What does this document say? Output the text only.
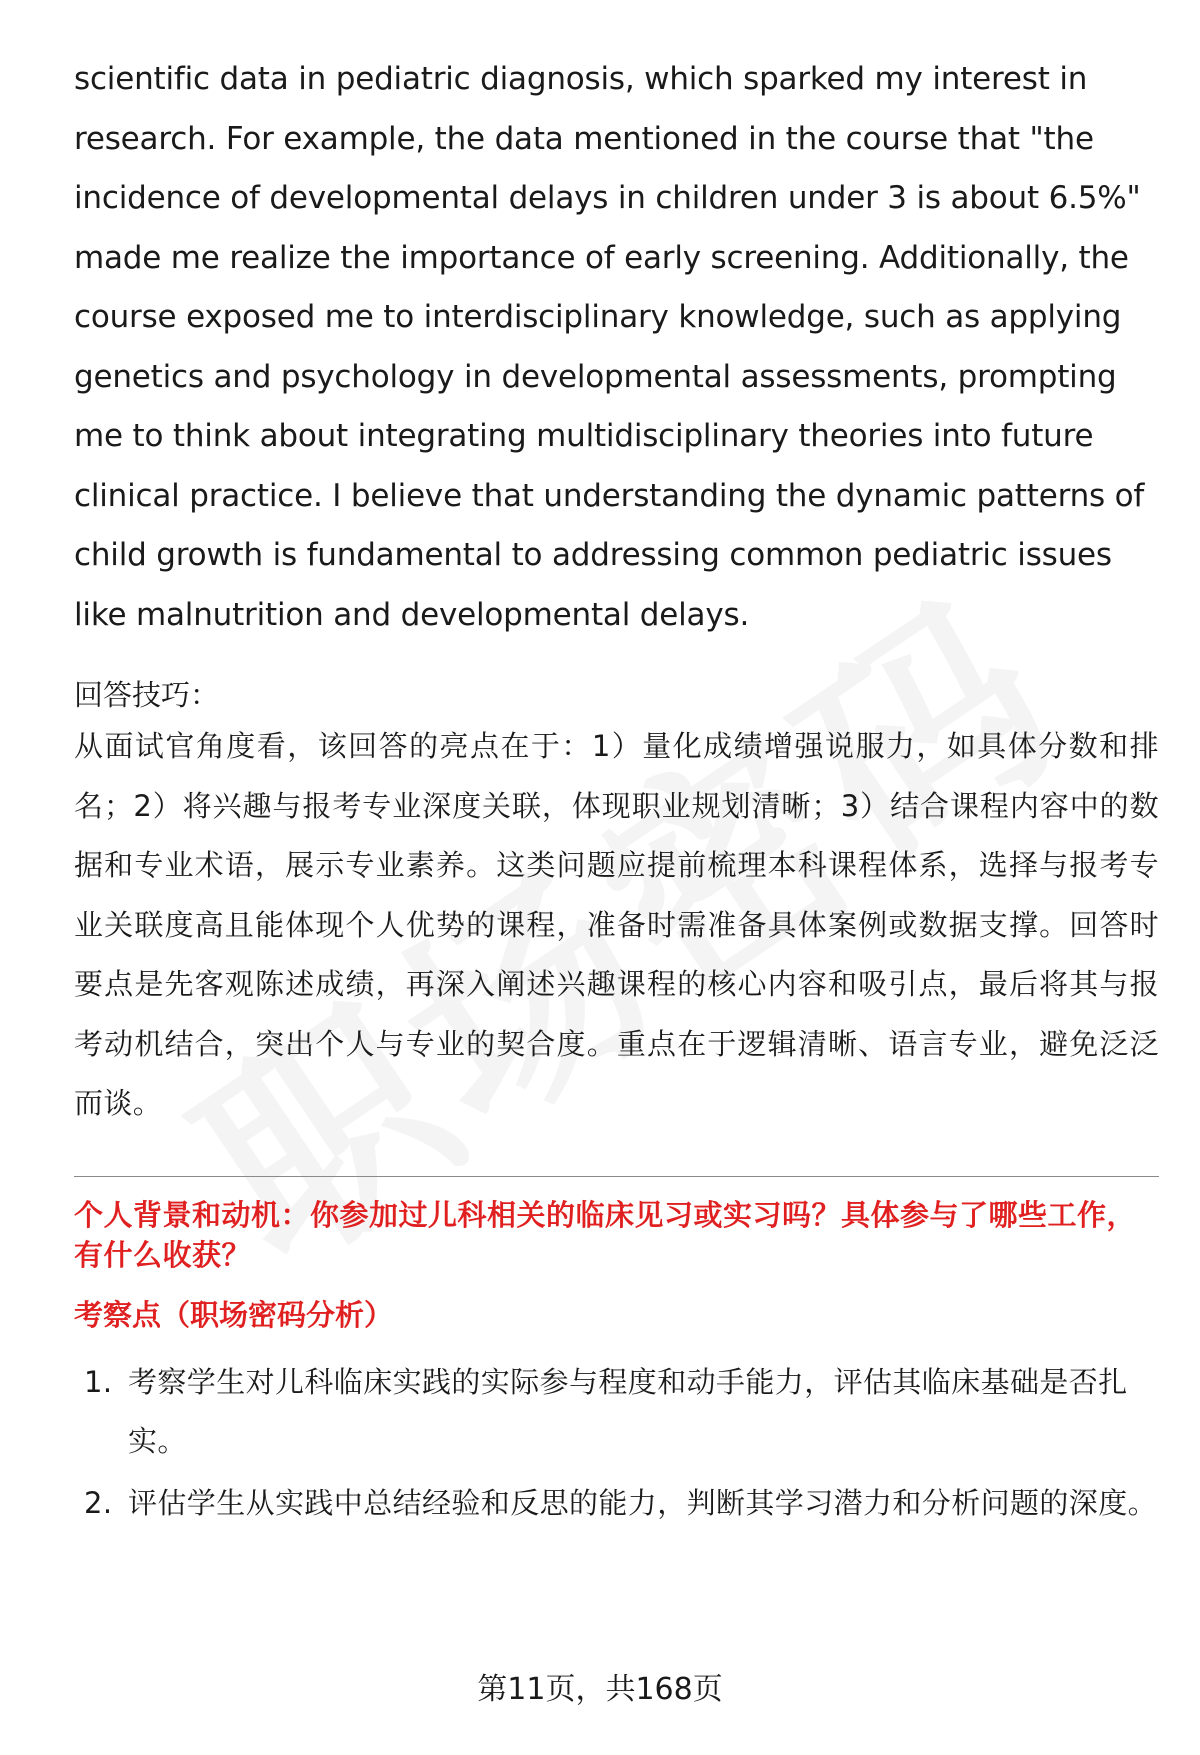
scientific data in pediatric diagnosis, which sparked my interest in research. For example, the data mentioned in the course that "the incidence of developmental delays in children under 3 is about 6.5%" made me realize the importance of early screening. Additionally, the course exposed me to interdisciplinary knowledge, such as applying genetics and psychology in developmental assessments, prompting me to think about integrating multidisciplinary theories into future clinical practice. I believe that understanding the dynamic patterns of child growth is fundamental to addressing common pediatric issues like malnutrition and developmental delays.

回答技巧：

从面试官角度看，该回答的亮点在于：1）量化成绩增强说服力，如具体分数和排名；2）将兴趣与报考专业深度关联，体现职业规划清晰；3）结合课程内容中的数据和专业术语，展示专业素养。这类问题应提前梳理本科课程体系，选择与报考专业关联度高且能体现个人优势的课程，准备时需准备具体案例或数据支撑。回答时要点是先客观陈述成绩，再深入阐述兴趣课程的核心内容和吸引点，最后将其与报考动机结合，突出个人与专业的契合度。重点在于逻辑清晰、语言专业，避免泛泛而谈。

个人背景和动机：你参加过儿科相关的临床见习或实习吗？具体参与了哪些工作，有什么收获？

考察点（职场密码分析）

1. 考察学生对儿科临床实践的实际参与程度和动手能力，评估其临床基础是否扎实。
2. 评估学生从实践中总结经验和反思的能力，判断其学习潜力和分析问题的深度。
第11页，共168页
